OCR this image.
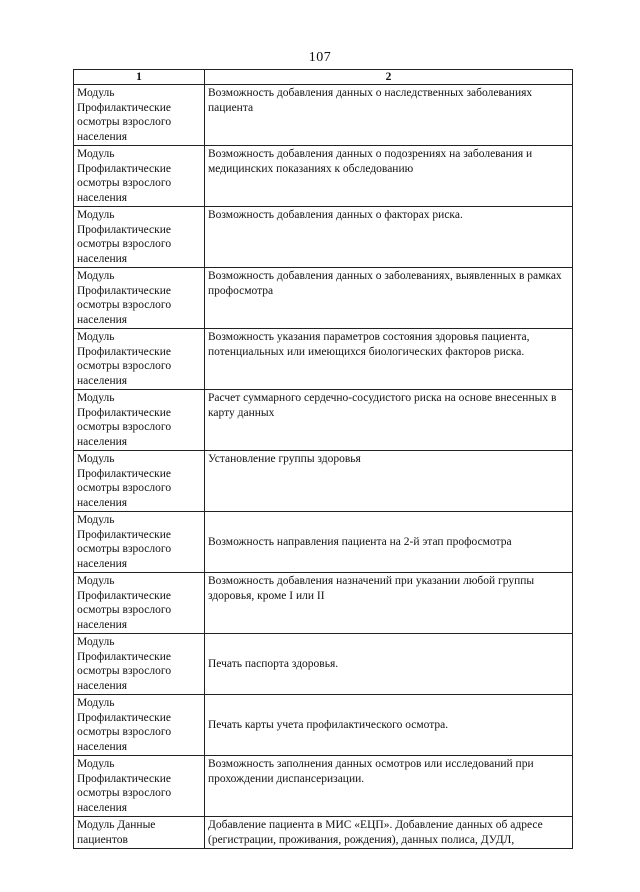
107
1	2
Модуль
Профилактические
осмотры взрослого
населения	Возможность добавления данных о наследственных заболеваниях пациента
Модуль
Профилактические
осмотры взрослого
населения	Возможность добавления данных о подозрениях на заболевания и медицинских показаниях к обследованию
Модуль
Профилактические
осмотры взрослого
населения	Возможность добавления данных о факторах риска.
Модуль
Профилактические
осмотры взрослого
населения	Возможность добавления данных о заболеваниях, выявленных в рамках профосмотра
Модуль
Профилактические
осмотры взрослого
населения	Возможность указания параметров состояния здоровья пациента, потенциальных или имеющихся биологических факторов риска.
Модуль
Профилактические
осмотры взрослого
населения	Расчет суммарного сердечно-сосудистого риска на основе внесенных в карту данных
Модуль
Профилактические
осмотры взрослого
населения	Установление группы здоровья
Модуль
Профилактические
осмотры взрослого
населения	Возможность направления пациента на 2-й этап профосмотра
Модуль
Профилактические
осмотры взрослого
населения	Возможность добавления назначений при указании любой группы здоровья, кроме I или II
Модуль
Профилактические
осмотры взрослого
населения	Печать паспорта здоровья.
Модуль
Профилактические
осмотры взрослого
населения	Печать карты учета профилактического осмотра.
Модуль
Профилактические
осмотры взрослого
населения	Возможность заполнения данных осмотров или исследований при прохождении диспансеризации.
Модуль Данные
пациентов	Добавление пациента в МИС «ЕЦП». Добавление данных об адресе (регистрации, проживания, рождения), данных полиса, ДУДЛ,
